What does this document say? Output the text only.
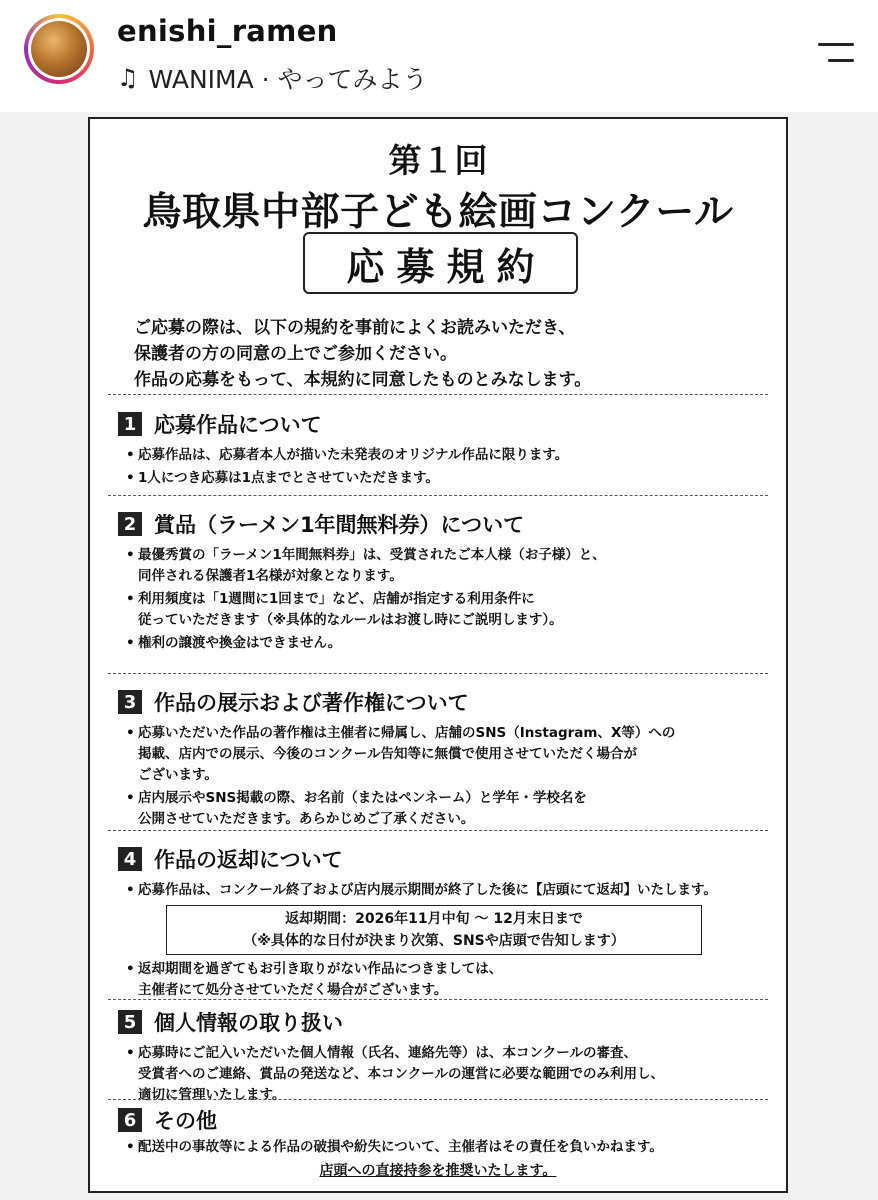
enishi_ramen
♫ WANIMA · やってみよう
第１回
鳥取県中部子ども絵画コンクール
応募規約
ご応募の際は、以下の規約を事前によくお読みいただき、
保護者の方の同意の上でご参加ください。
作品の応募をもって、本規約に同意したものとみなします。
1 応募作品について
• 応募作品は、応募者本人が描いた未発表のオリジナル作品に限ります。
• 1人につき応募は1点までとさせていただきます。
2 賞品（ラーメン1年間無料券）について
• 最優秀賞の「ラーメン1年間無料券」は、受賞されたご本人様（お子様）と、
同伴される保護者1名様が対象となります。
• 利用頻度は「1週間に1回まで」など、店舗が指定する利用条件に
従っていただきます（※具体的なルールはお渡し時にご説明します）。
• 権利の譲渡や換金はできません。
3 作品の展示および著作権について
• 応募いただいた作品の著作権は主催者に帰属し、店舗のSNS（Instagram、X等）への
掲載、店内での展示、今後のコンクール告知等に無償で使用させていただく場合が
ございます。
• 店内展示やSNS掲載の際、お名前（またはペンネーム）と学年・学校名を
公開させていただきます。あらかじめご了承ください。
4 作品の返却について
• 応募作品は、コンクール終了および店内展示期間が終了した後に【店頭にて返却】いたします。
返却期間：2026年11月中旬 〜 12月末日まで
（※具体的な日付が決まり次第、SNSや店頭で告知します）
• 返却期間を過ぎてもお引き取りがない作品につきましては、
主催者にて処分させていただく場合がございます。
5 個人情報の取り扱い
• 応募時にご記入いただいた個人情報（氏名、連絡先等）は、本コンクールの審査、
受賞者へのご連絡、賞品の発送など、本コンクールの運営に必要な範囲でのみ利用し、
適切に管理いたします。
6 その他
• 配送中の事故等による作品の破損や紛失について、主催者はその責任を負いかねます。
店頭への直接持参を推奨いたします。
